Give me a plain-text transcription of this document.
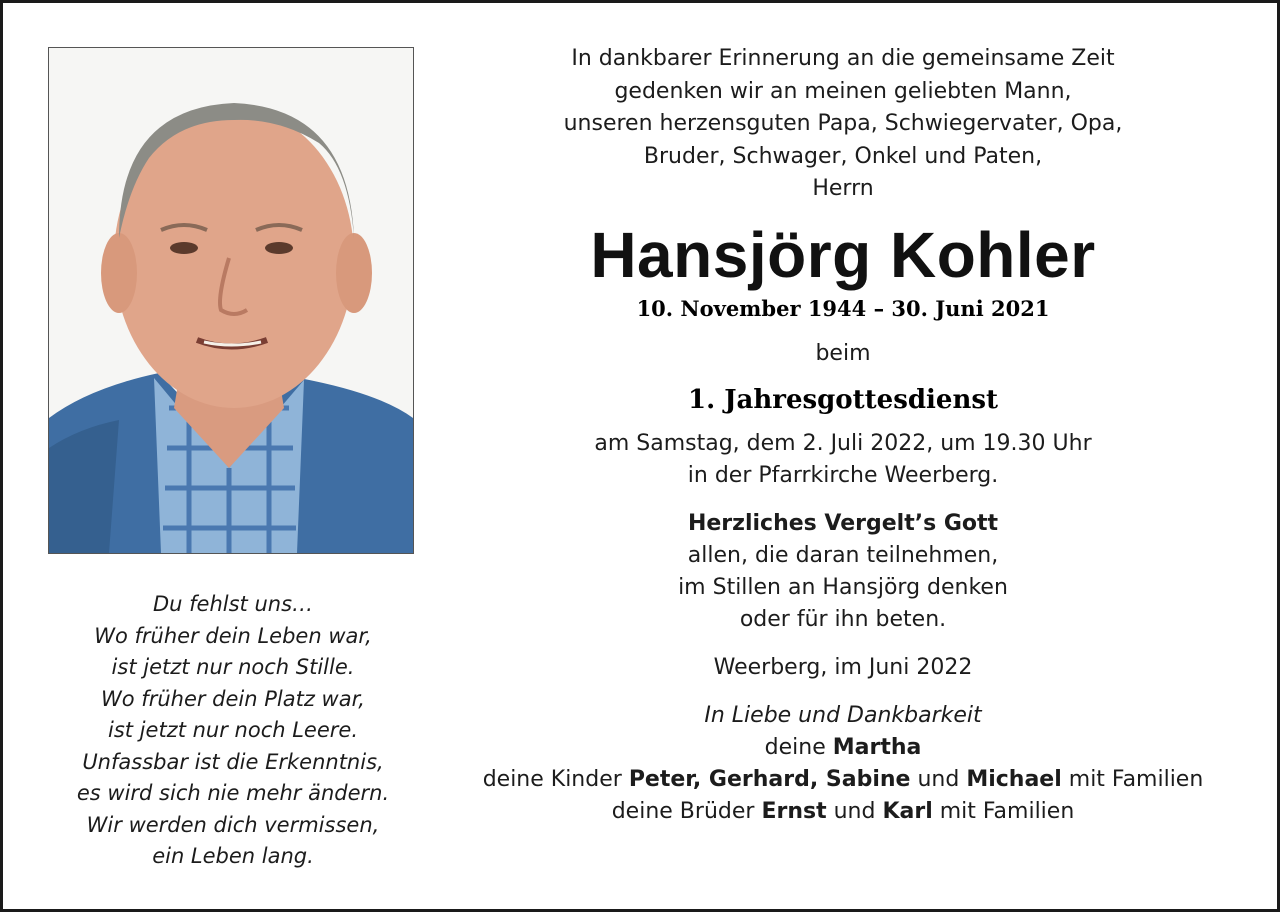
Du fehlst uns…
Wo früher dein Leben war,
ist jetzt nur noch Stille.
Wo früher dein Platz war,
ist jetzt nur noch Leere.
Unfassbar ist die Erkenntnis,
es wird sich nie mehr ändern.
Wir werden dich vermissen,
ein Leben lang.
In dankbarer Erinnerung an die gemeinsame Zeit
gedenken wir an meinen geliebten Mann,
unseren herzensguten Papa, Schwiegervater, Opa,
Bruder, Schwager, Onkel und Paten,
Herrn
Hansjörg Kohler
10. November 1944 – 30. Juni 2021
beim
1. Jahresgottesdienst
am Samstag, dem 2. Juli 2022, um 19.30 Uhr
in der Pfarrkirche Weerberg.
Herzliches Vergelt’s Gott
allen, die daran teilnehmen,
im Stillen an Hansjörg denken
oder für ihn beten.
Weerberg, im Juni 2022
In Liebe und Dankbarkeit
deine Martha
deine Kinder Peter, Gerhard, Sabine und Michael mit Familien
deine Brüder Ernst und Karl mit Familien
